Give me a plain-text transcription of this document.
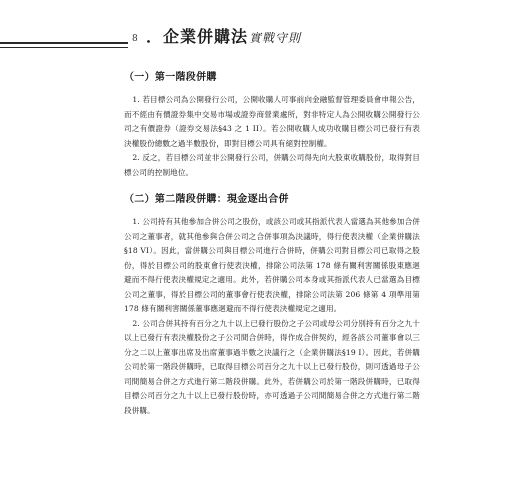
8 ．企業併購法實戰守則
（一）第一階段併購

1. 若目標公司為公開發行公司，公開收購人可事前向金融監督管理委員會申報公告，而不經由有價證券集中交易市場或證券商營業處所，對非特定人為公開收購公開發行公司之有價證券（證券交易法§43 之 1 II）。若公開收購人成功收購目標公司已發行有表決權股份總數之過半數股份，即對目標公司具有絕對控制權。

2. 反之，若目標公司並非公開發行公司，併購公司得先向大股東收購股份，取得對目標公司的控制地位。

（二）第二階段併購：現金逐出合併

1. 公司持有其他參加合併公司之股份，或該公司或其指派代表人當選為其他參加合併公司之董事者，就其他參與合併公司之合併事項為決議時，得行使表決權（企業併購法§18 VI）。因此，當併購公司與目標公司進行合併時，併購公司對目標公司已取得之股份，得於目標公司的股東會行使表決權，排除公司法第 178 條有關利害關係股東應迴避而不得行使表決權規定之適用。此外，若併購公司本身或其指派代表人已當選為目標公司之董事，得於目標公司的董事會行使表決權，排除公司法第 206 條第 4 項準用第 178 條有關利害關係董事應迴避而不得行使表決權規定之適用。

2. 公司合併其持有百分之九十以上已發行股份之子公司或母公司分別持有百分之九十以上已發行有表決權股份之子公司間合併時，得作成合併契約，經各該公司董事會以三分之二以上董事出席及出席董事過半數之決議行之（企業併購法§19 I）。因此，若併購公司於第一階段併購時，已取得目標公司百分之九十以上已發行股份，則可透過母子公司間簡易合併之方式進行第二階段併購。此外，若併購公司於第一階段併購時，已取得目標公司百分之九十以上已發行股份時，亦可透過子公司間簡易合併之方式進行第二階段併購。
